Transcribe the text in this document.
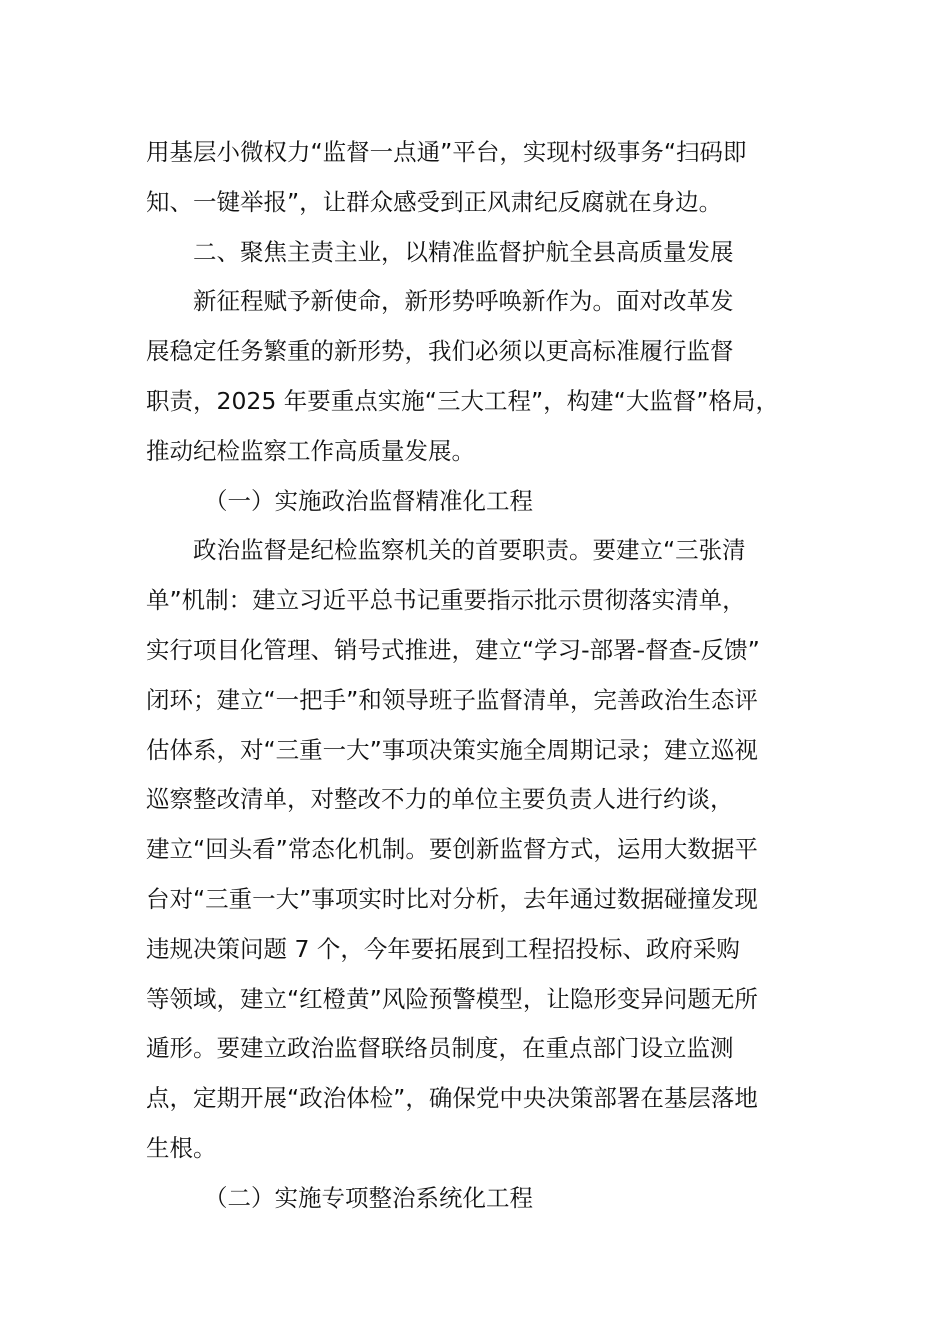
用基层小微权力“监督一点通”平台，实现村级事务“扫码即

知、一键举报”，让群众感受到正风肃纪反腐就在身边。

二、聚焦主责主业，以精准监督护航全县高质量发展

新征程赋予新使命，新形势呼唤新作为。面对改革发

展稳定任务繁重的新形势，我们必须以更高标准履行监督

职责，2025 年要重点实施“三大工程”，构建“大监督”格局，

推动纪检监察工作高质量发展。

（一）实施政治监督精准化工程

政治监督是纪检监察机关的首要职责。要建立“三张清

单”机制：建立习近平总书记重要指示批示贯彻落实清单，

实行项目化管理、销号式推进，建立“学习-部署-督查-反馈”

闭环；建立“一把手”和领导班子监督清单，完善政治生态评

估体系，对“三重一大”事项决策实施全周期记录；建立巡视

巡察整改清单，对整改不力的单位主要负责人进行约谈，

建立“回头看”常态化机制。要创新监督方式，运用大数据平

台对“三重一大”事项实时比对分析，去年通过数据碰撞发现

违规决策问题 7 个，今年要拓展到工程招投标、政府采购

等领域，建立“红橙黄”风险预警模型，让隐形变异问题无所

遁形。要建立政治监督联络员制度，在重点部门设立监测

点，定期开展“政治体检”，确保党中央决策部署在基层落地

生根。

（二）实施专项整治系统化工程
